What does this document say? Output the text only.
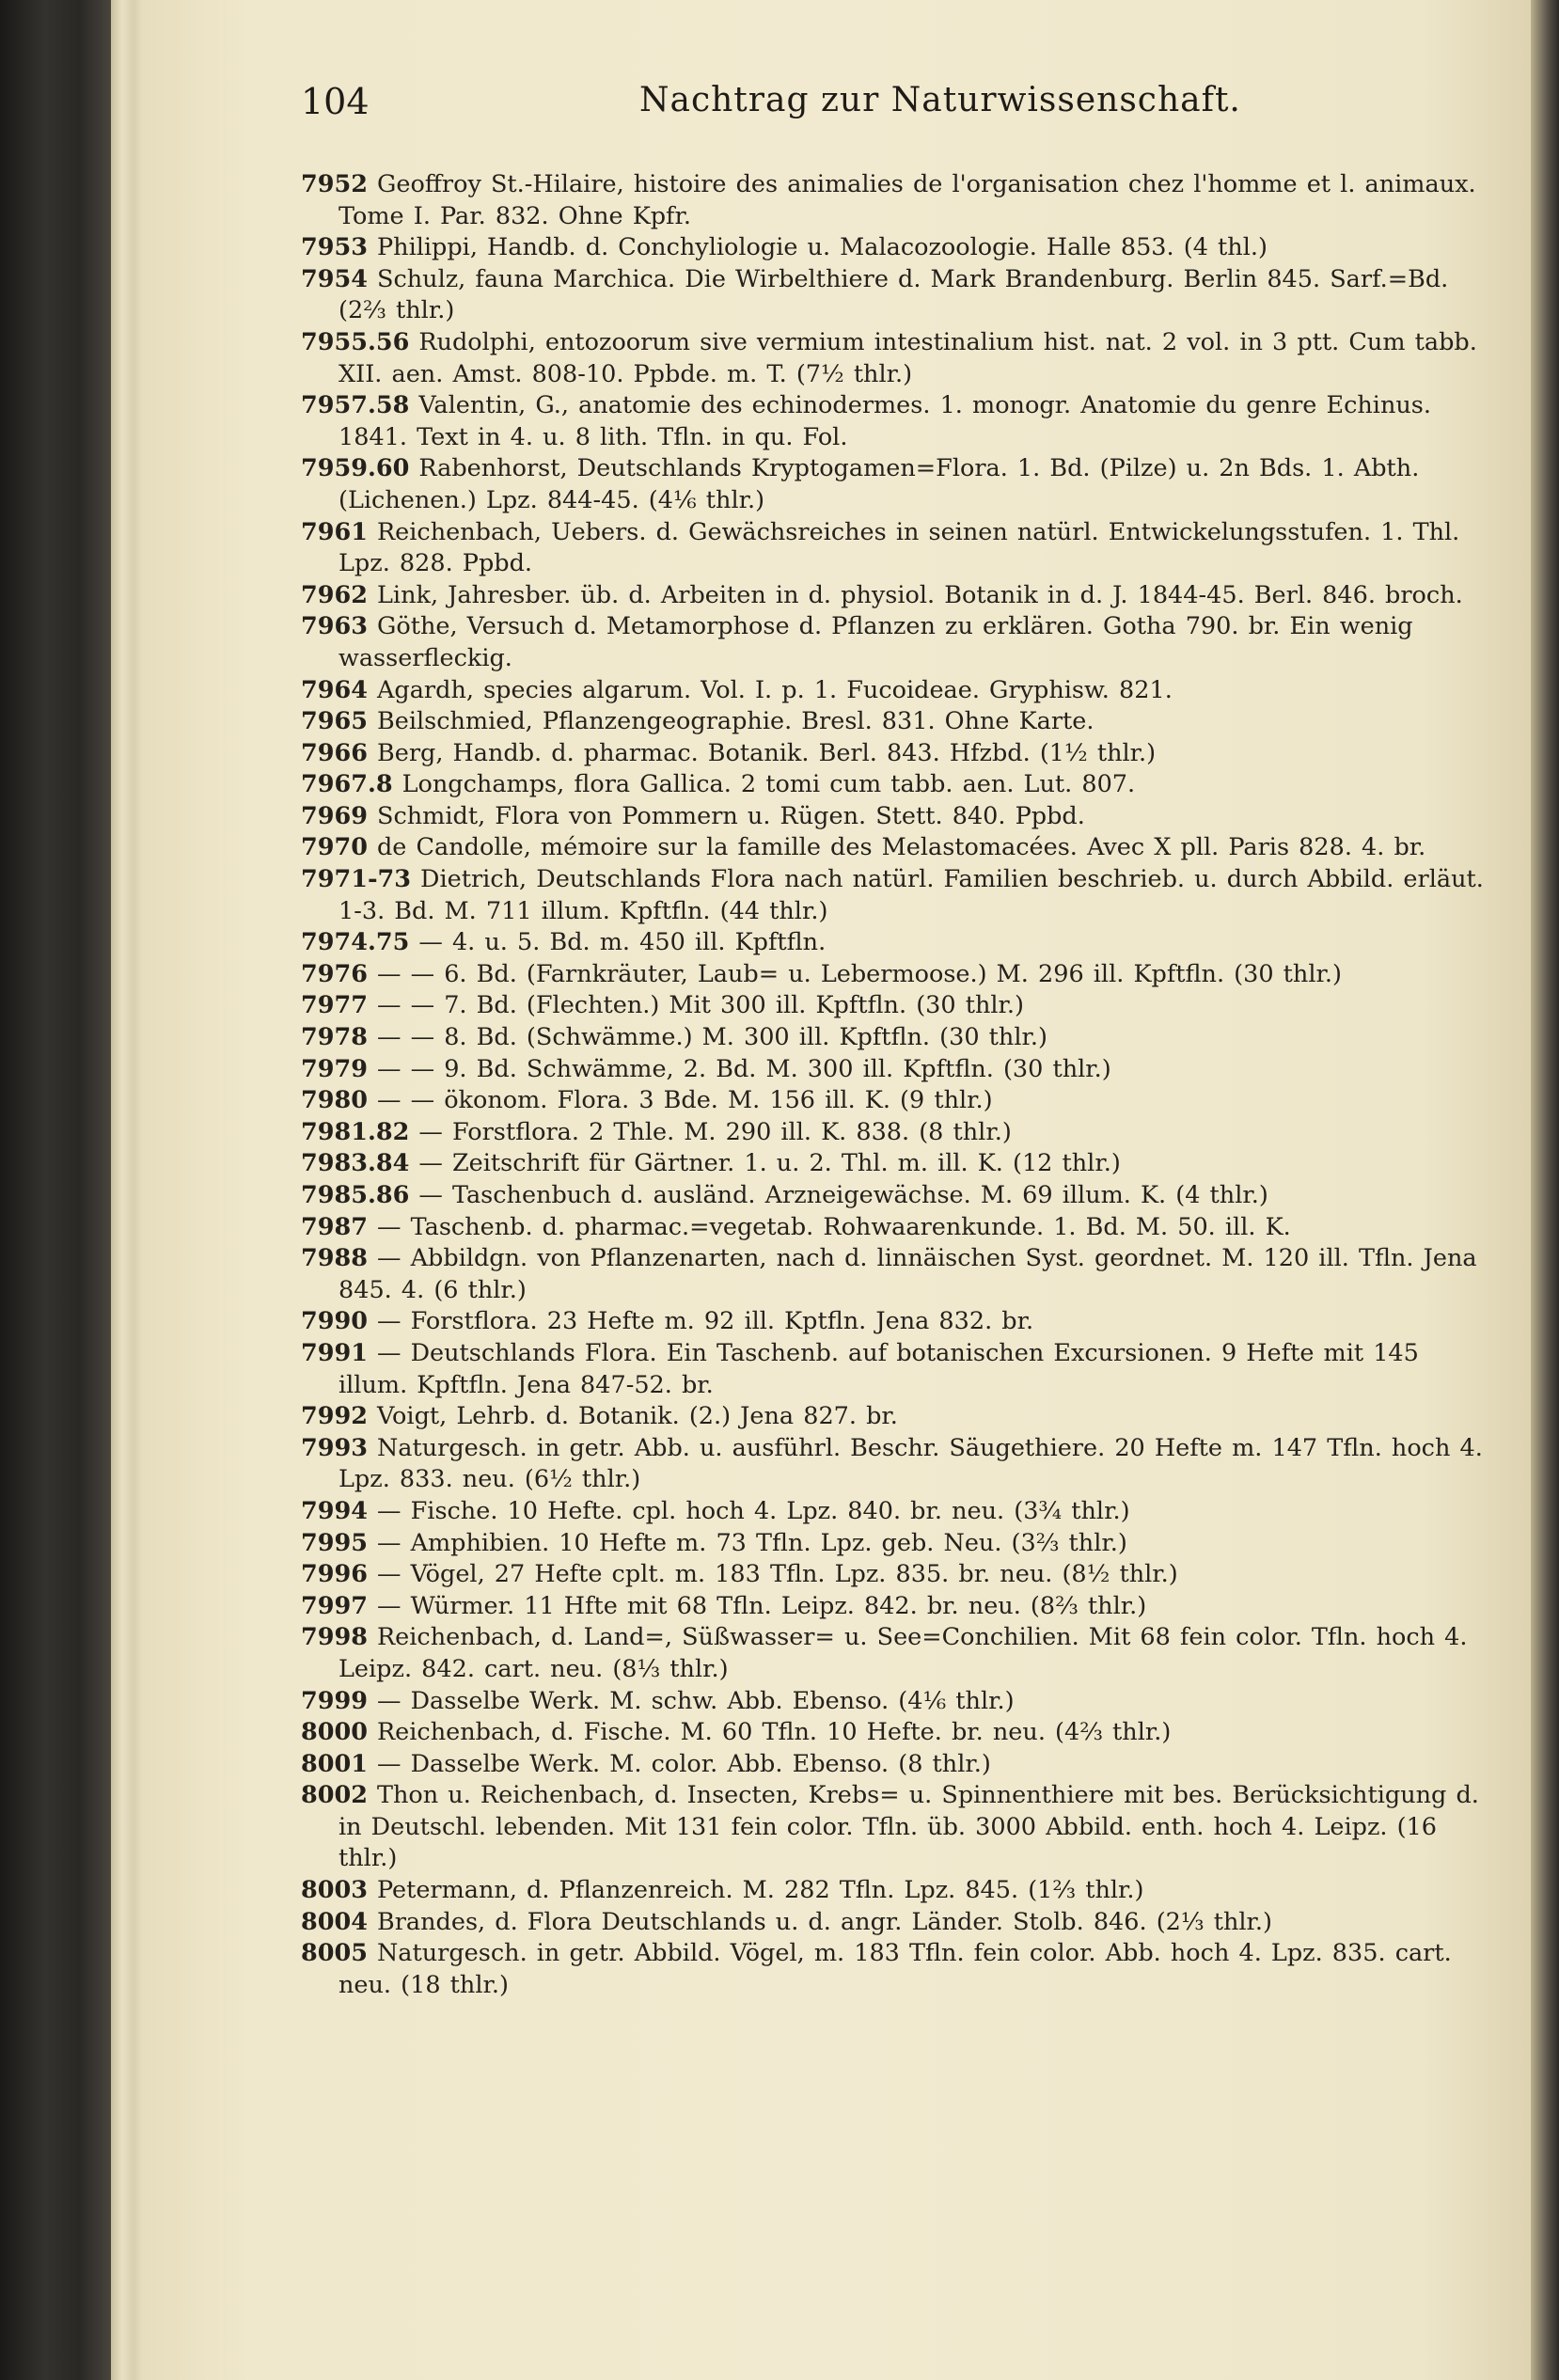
104	Nachtrag zur Naturwissenschaft.

7952 Geoffroy St.-Hilaire, histoire des animalies de l'organisation chez l'homme et l. animaux. Tome I. Par. 832. Ohne Kpfr.

7953 Philippi, Handb. d. Conchyliologie u. Malacozoologie. Halle 853. (4 thl.)

7954 Schulz, fauna Marchica. Die Wirbelthiere d. Mark Brandenburg. Berlin 845. Sarf.=Bd. (2⅔ thlr.)

7955.56 Rudolphi, entozoorum sive vermium intestinalium hist. nat. 2 vol. in 3 ptt. Cum tabb. XII. aen. Amst. 808-10. Ppbde. m. T. (7½ thlr.)

7957.58 Valentin, G., anatomie des echinodermes. 1. monogr. Anatomie du genre Echinus. 1841. Text in 4. u. 8 lith. Tfln. in qu. Fol.

7959.60 Rabenhorst, Deutschlands Kryptogamen=Flora. 1. Bd. (Pilze) u. 2n Bds. 1. Abth. (Lichenen.) Lpz. 844-45. (4⅙ thlr.)

7961 Reichenbach, Uebers. d. Gewächsreiches in seinen natürl. Entwickelungsstufen. 1. Thl. Lpz. 828. Ppbd.

7962 Link, Jahresber. üb. d. Arbeiten in d. physiol. Botanik in d. J. 1844-45. Berl. 846. broch.

7963 Göthe, Versuch d. Metamorphose d. Pflanzen zu erklären. Gotha 790. br. Ein wenig wasserfleckig.

7964 Agardh, species algarum. Vol. I. p. 1. Fucoideae. Gryphisw. 821.

7965 Beilschmied, Pflanzengeographie. Bresl. 831. Ohne Karte.

7966 Berg, Handb. d. pharmac. Botanik. Berl. 843. Hfzbd. (1½ thlr.)

7967.8 Longchamps, flora Gallica. 2 tomi cum tabb. aen. Lut. 807.

7969 Schmidt, Flora von Pommern u. Rügen. Stett. 840. Ppbd.

7970 de Candolle, mémoire sur la famille des Melastomacées. Avec X pll. Paris 828. 4. br.

7971-73 Dietrich, Deutschlands Flora nach natürl. Familien beschrieb. u. durch Abbild. erläut. 1-3. Bd. M. 711 illum. Kpftfln. (44 thlr.)

7974.75 — 4. u. 5. Bd. m. 450 ill. Kpftfln.

7976 — — 6. Bd. (Farnkräuter, Laub= u. Lebermoose.) M. 296 ill. Kpftfln. (30 thlr.)

7977 — — 7. Bd. (Flechten.) Mit 300 ill. Kpftfln. (30 thlr.)

7978 — — 8. Bd. (Schwämme.) M. 300 ill. Kpftfln. (30 thlr.)

7979 — — 9. Bd. Schwämme, 2. Bd. M. 300 ill. Kpftfln. (30 thlr.)

7980 — — ökonom. Flora. 3 Bde. M. 156 ill. K. (9 thlr.)

7981.82 — Forstflora. 2 Thle. M. 290 ill. K. 838. (8 thlr.)

7983.84 — Zeitschrift für Gärtner. 1. u. 2. Thl. m. ill. K. (12 thlr.)

7985.86 — Taschenbuch d. ausländ. Arzneigewächse. M. 69 illum. K. (4 thlr.)

7987 — Taschenb. d. pharmac.=vegetab. Rohwaarenkunde. 1. Bd. M. 50. ill. K.

7988 — Abbildgn. von Pflanzenarten, nach d. linnäischen Syst. geordnet. M. 120 ill. Tfln. Jena 845. 4. (6 thlr.)

7990 — Forstflora. 23 Hefte m. 92 ill. Kptfln. Jena 832. br.

7991 — Deutschlands Flora. Ein Taschenb. auf botanischen Excursionen. 9 Hefte mit 145 illum. Kpftfln. Jena 847-52. br.

7992 Voigt, Lehrb. d. Botanik. (2.) Jena 827. br.

7993 Naturgesch. in getr. Abb. u. ausführl. Beschr. Säugethiere. 20 Hefte m. 147 Tfln. hoch 4. Lpz. 833. neu. (6½ thlr.)

7994 — Fische. 10 Hefte. cpl. hoch 4. Lpz. 840. br. neu. (3¾ thlr.)

7995 — Amphibien. 10 Hefte m. 73 Tfln. Lpz. geb. Neu. (3⅔ thlr.)

7996 — Vögel, 27 Hefte cplt. m. 183 Tfln. Lpz. 835. br. neu. (8½ thlr.)

7997 — Würmer. 11 Hfte mit 68 Tfln. Leipz. 842. br. neu. (8⅔ thlr.)

7998 Reichenbach, d. Land=, Süßwasser= u. See=Conchilien. Mit 68 fein color. Tfln. hoch 4. Leipz. 842. cart. neu. (8⅓ thlr.)

7999 — Dasselbe Werk. M. schw. Abb. Ebenso. (4⅙ thlr.)

8000 Reichenbach, d. Fische. M. 60 Tfln. 10 Hefte. br. neu. (4⅔ thlr.)

8001 — Dasselbe Werk. M. color. Abb. Ebenso. (8 thlr.)

8002 Thon u. Reichenbach, d. Insecten, Krebs= u. Spinnenthiere mit bes. Berücksichtigung d. in Deutschl. lebenden. Mit 131 fein color. Tfln. üb. 3000 Abbild. enth. hoch 4. Leipz. (16 thlr.)

8003 Petermann, d. Pflanzenreich. M. 282 Tfln. Lpz. 845. (1⅔ thlr.)

8004 Brandes, d. Flora Deutschlands u. d. angr. Länder. Stolb. 846. (2⅓ thlr.)

8005 Naturgesch. in getr. Abbild. Vögel, m. 183 Tfln. fein color. Abb. hoch 4. Lpz. 835. cart. neu. (18 thlr.)
